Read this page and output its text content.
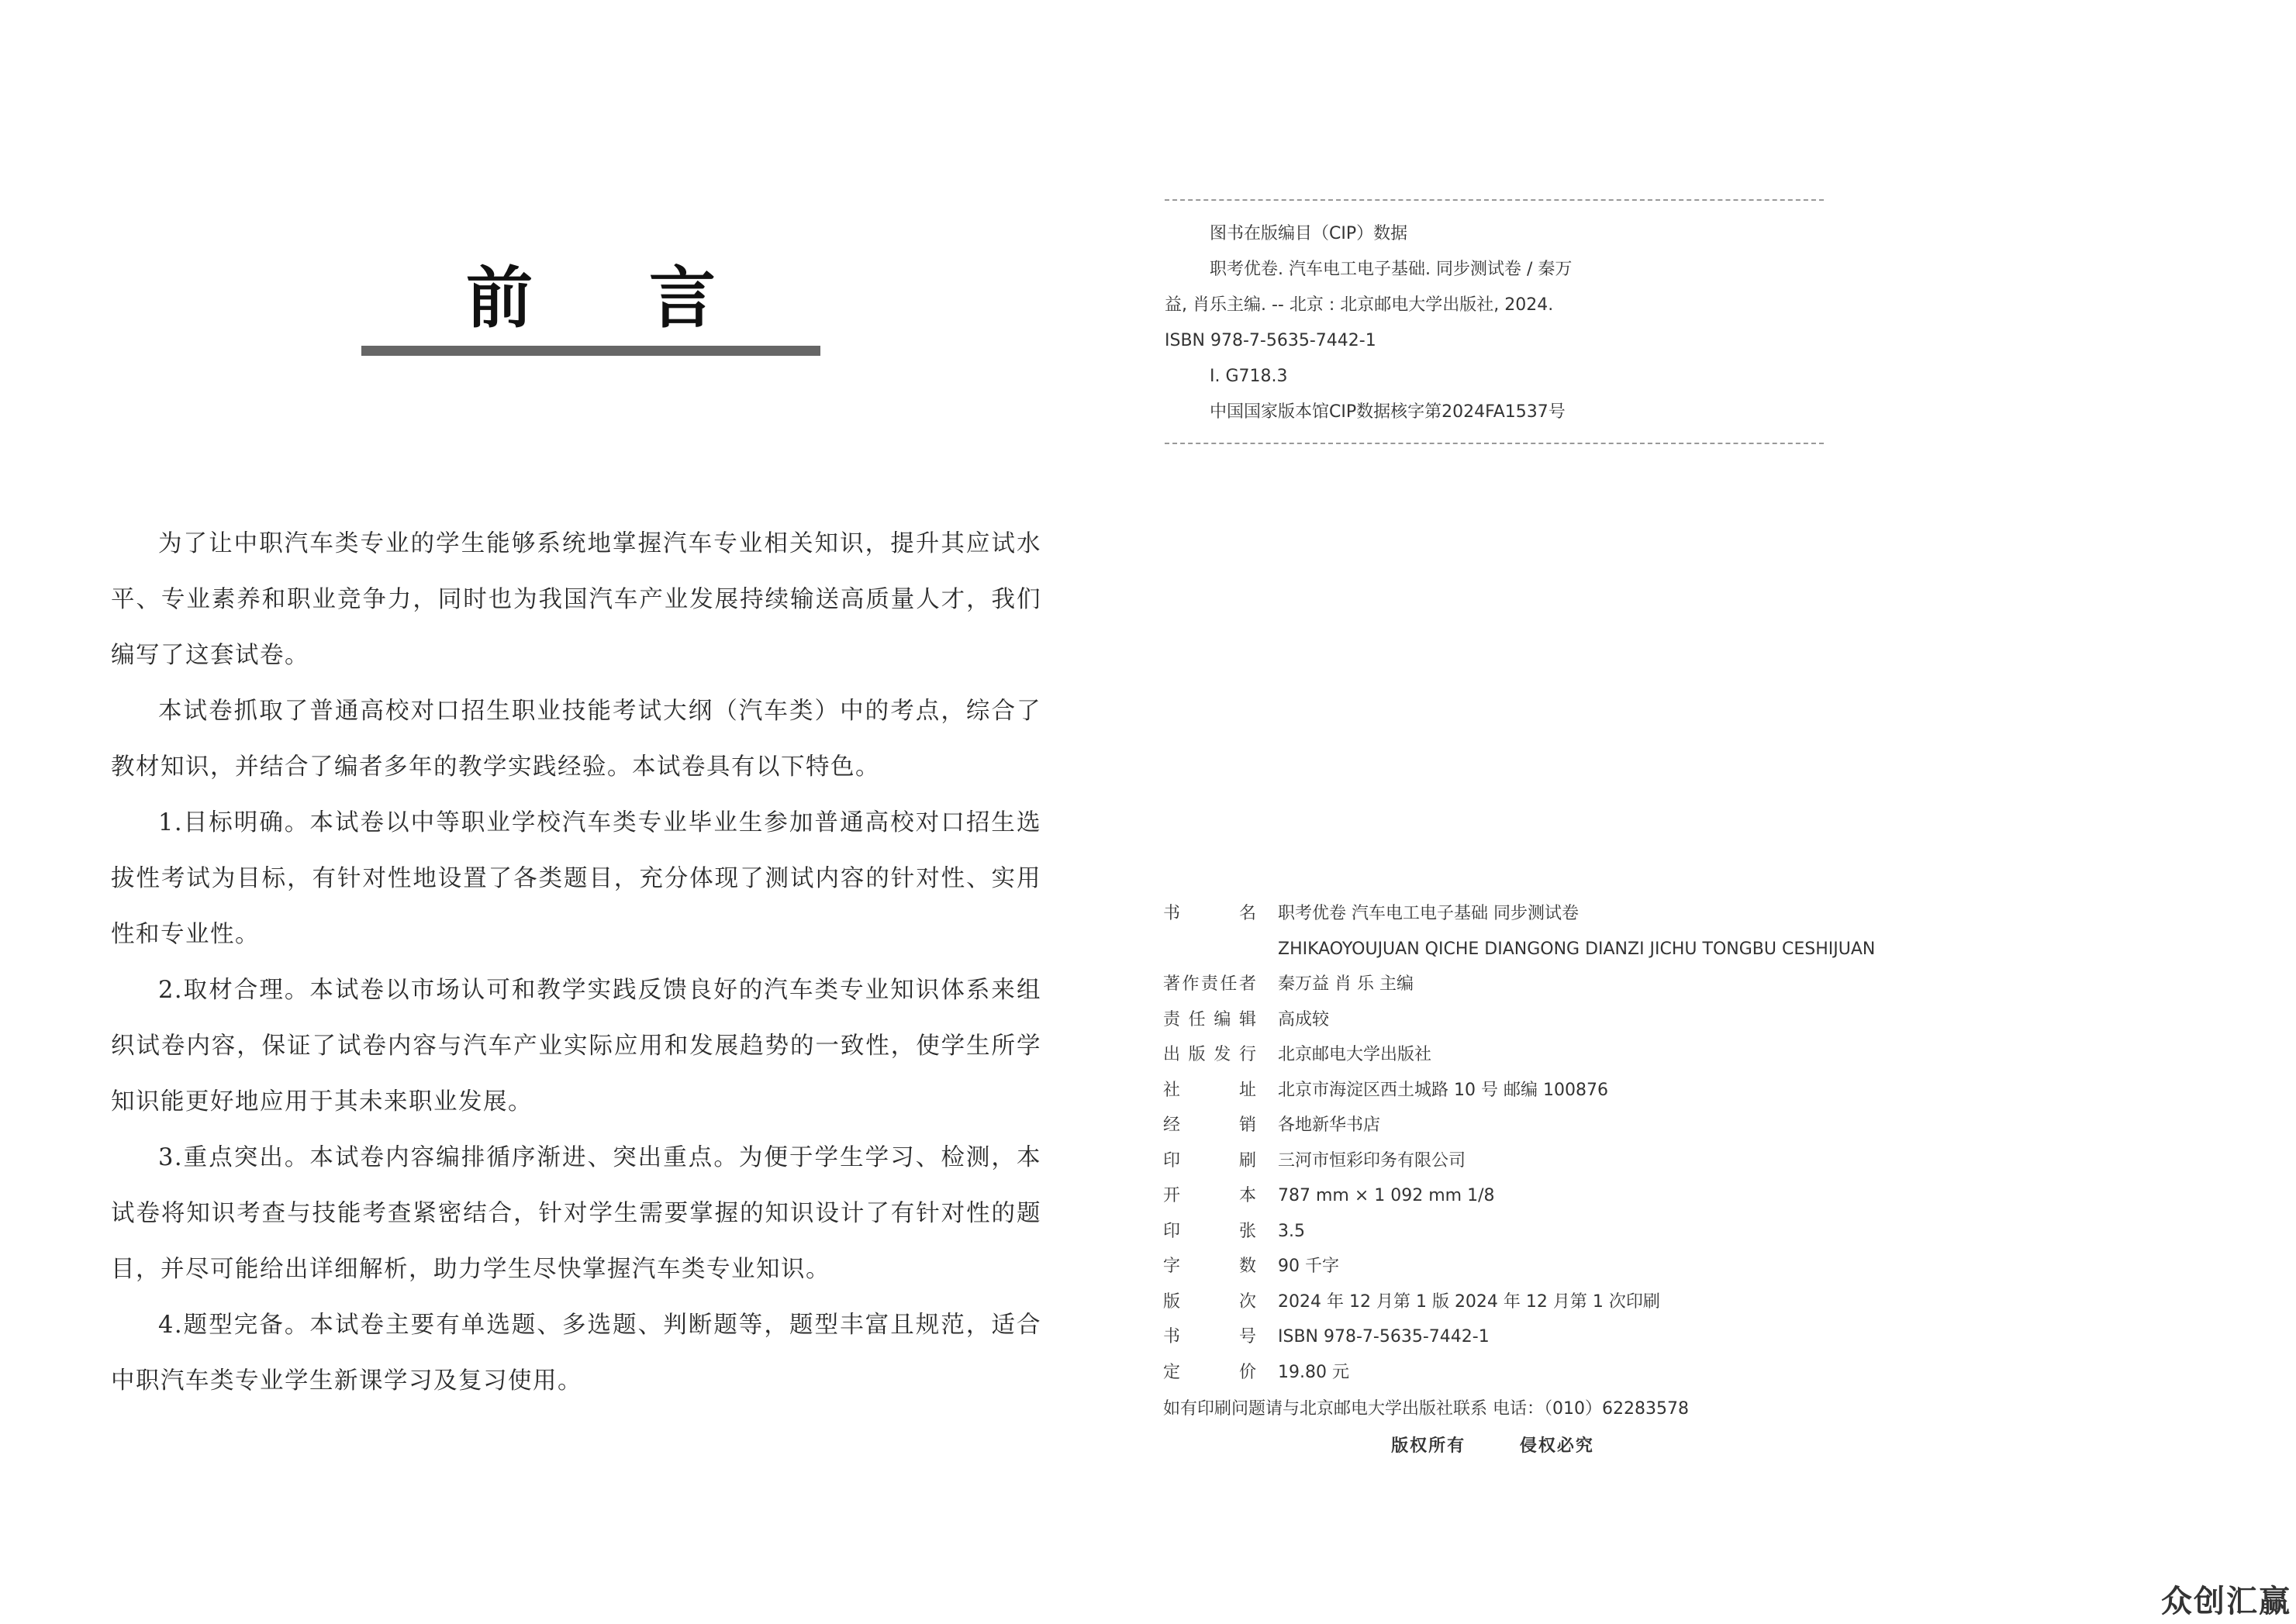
前 言

为了让中职汽车类专业的学生能够系统地掌握汽车专业相关知识，提升其应试水平、专业素养和职业竞争力，同时也为我国汽车产业发展持续输送高质量人才，我们编写了这套试卷。

本试卷抓取了普通高校对口招生职业技能考试大纲（汽车类）中的考点，综合了教材知识，并结合了编者多年的教学实践经验。本试卷具有以下特色。

1.目标明确。本试卷以中等职业学校汽车类专业毕业生参加普通高校对口招生选拔性考试为目标，有针对性地设置了各类题目，充分体现了测试内容的针对性、实用性和专业性。

2.取材合理。本试卷以市场认可和教学实践反馈良好的汽车类专业知识体系来组织试卷内容，保证了试卷内容与汽车产业实际应用和发展趋势的一致性，使学生所学知识能更好地应用于其未来职业发展。

3.重点突出。本试卷内容编排循序渐进、突出重点。为便于学生学习、检测，本试卷将知识考查与技能考查紧密结合，针对学生需要掌握的知识设计了有针对性的题目，并尽可能给出详细解析，助力学生尽快掌握汽车类专业知识。

4.题型完备。本试卷主要有单选题、多选题、判断题等，题型丰富且规范，适合中职汽车类专业学生新课学习及复习使用。

图书在版编目（CIP）数据
职考优卷. 汽车电工电子基础. 同步测试卷 / 秦万
益, 肖乐主编. -- 北京 : 北京邮电大学出版社, 2024.
ISBN 978-7-5635-7442-1
Ⅰ. G718.3
中国国家版本馆CIP数据核字第2024FA1537号
书	名 职考优卷 汽车电工电子基础 同步测试卷
ZHIKAOYOUJUAN QICHE DIANGONG DIANZI JICHU TONGBU CESHIJUAN
著 作 责 任 者 秦万益 肖 乐 主编
责 任 编 辑 高成较
出 版 发 行 北京邮电大学出版社
社	址 北京市海淀区西土城路 10 号 邮编 100876
经	销 各地新华书店
印	刷 三河市恒彩印务有限公司
开	本 787 mm × 1 092 mm 1/8
印	张 3.5
字	数 90 千字
版	次 2024 年 12 月第 1 版 2024 年 12 月第 1 次印刷
书	号 ISBN 978-7-5635-7442-1
定	价 19.80 元
如有印刷问题请与北京邮电大学出版社联系 电话：（010）62283578
版权所有	侵权必究
众创汇赢
